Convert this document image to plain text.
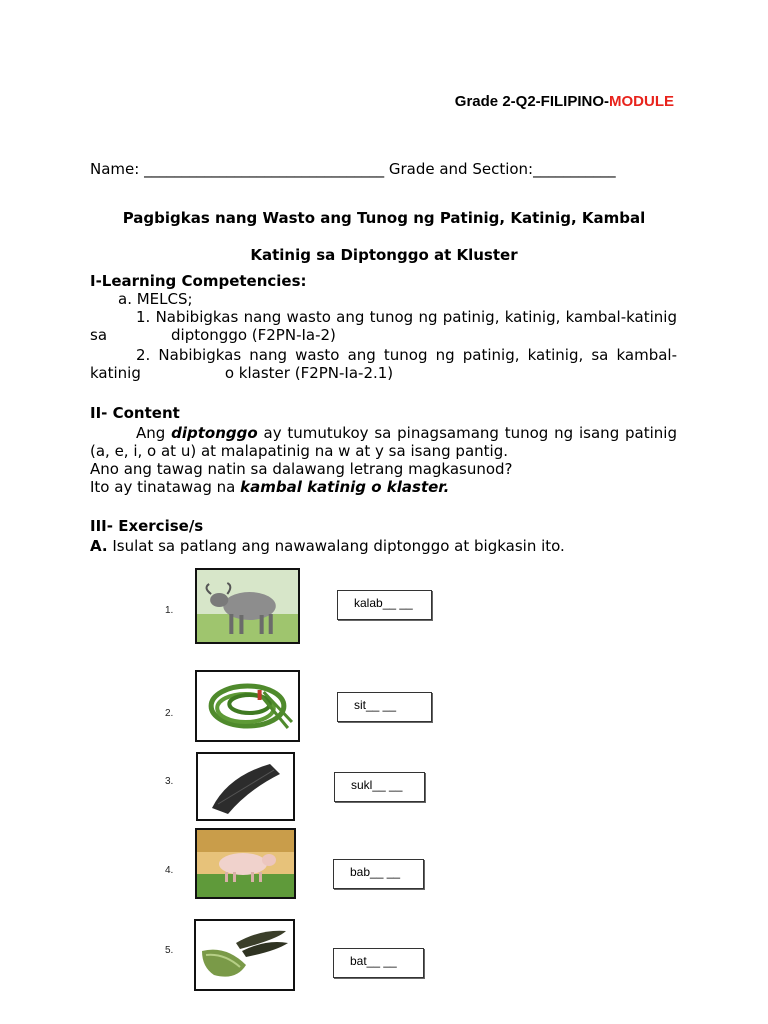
Grade 2-Q2-FILIPINO-MODULE
Name: ________________________________ Grade and Section:___________
Pagbigkas nang Wasto ang Tunog ng Patinig, Katinig, Kambal
Katinig sa Diptonggo at Kluster
I-Learning Competencies:
a. MELCS;
1. Nabibigkas nang wasto ang tunog ng patinig, katinig, kambal-katinig sa	diptonggo (F2PN-Ia-2)
2. Nabibigkas nang wasto ang tunog ng patinig, katinig, sa kambal- katinig	o klaster (F2PN-Ia-2.1)
II- Content
Ang diptonggo ay tumutukoy sa pinagsamang tunog ng isang patinig (a, e, i, o at u) at malapatinig na w at y sa isang pantig.
Ano ang tawag natin sa dalawang letrang magkasunod?
Ito ay tinatawag na kambal katinig o klaster.
III- Exercise/s
A. Isulat sa patlang ang nawawalang diptonggo at bigkasin ito.
1.
kalab__ __
2.
sit__ __
3.	sukl__ __
4.	bab__ __
5.
bat__ __
